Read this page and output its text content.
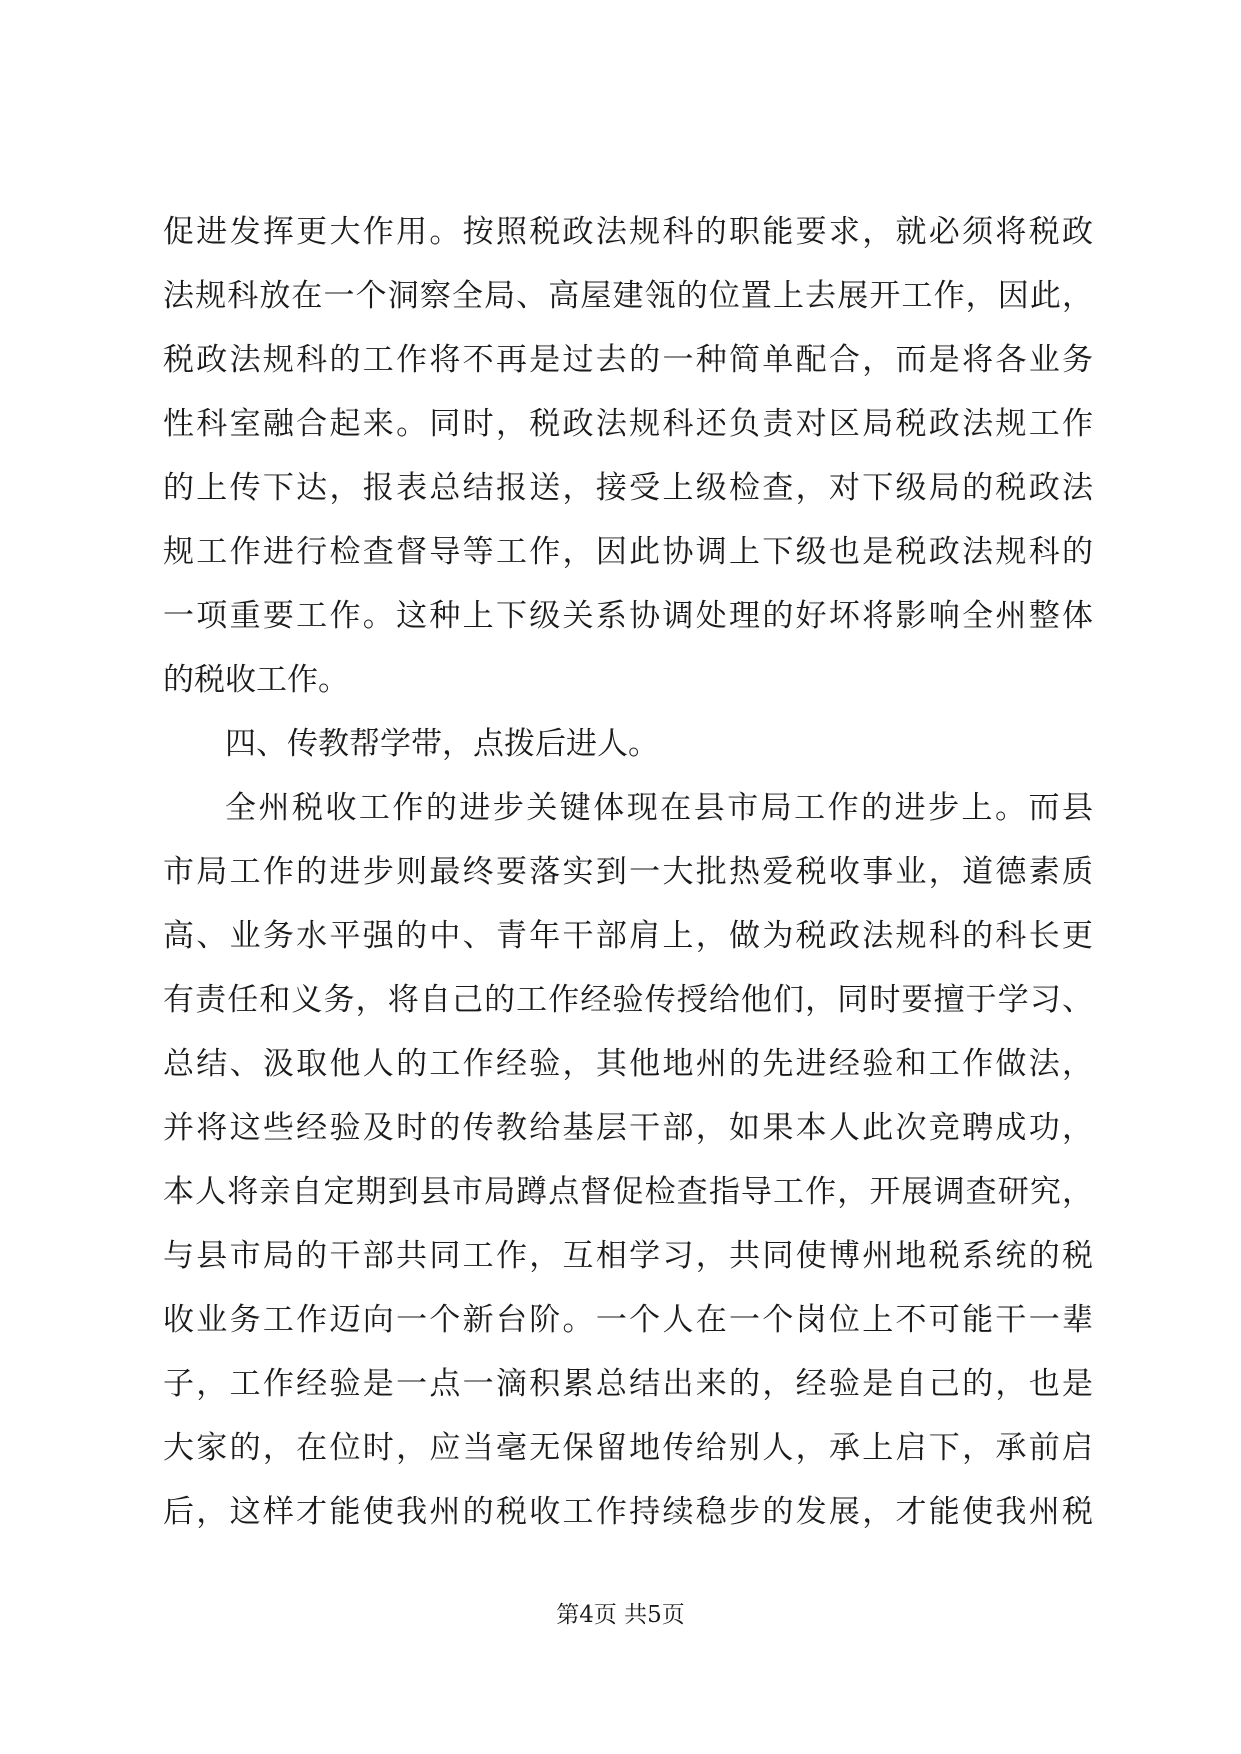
促进发挥更大作用。按照税政法规科的职能要求，就必须将税政
法规科放在一个洞察全局、高屋建瓴的位置上去展开工作，因此，
税政法规科的工作将不再是过去的一种简单配合，而是将各业务
性科室融合起来。同时，税政法规科还负责对区局税政法规工作
的上传下达，报表总结报送，接受上级检查，对下级局的税政法
规工作进行检查督导等工作，因此协调上下级也是税政法规科的
一项重要工作。这种上下级关系协调处理的好坏将影响全州整体
的税收工作。
四、传教帮学带，点拨后进人。
全州税收工作的进步关键体现在县市局工作的进步上。而县
市局工作的进步则最终要落实到一大批热爱税收事业，道德素质
高、业务水平强的中、青年干部肩上，做为税政法规科的科长更
有责任和义务，将自己的工作经验传授给他们，同时要擅于学习、
总结、汲取他人的工作经验，其他地州的先进经验和工作做法，
并将这些经验及时的传教给基层干部，如果本人此次竞聘成功，
本人将亲自定期到县市局蹲点督促检查指导工作，开展调查研究，
与县市局的干部共同工作，互相学习，共同使博州地税系统的税
收业务工作迈向一个新台阶。一个人在一个岗位上不可能干一辈
子，工作经验是一点一滴积累总结出来的，经验是自己的，也是
大家的，在位时，应当毫无保留地传给别人，承上启下，承前启
后，这样才能使我州的税收工作持续稳步的发展，才能使我州税
第4页 共5页
